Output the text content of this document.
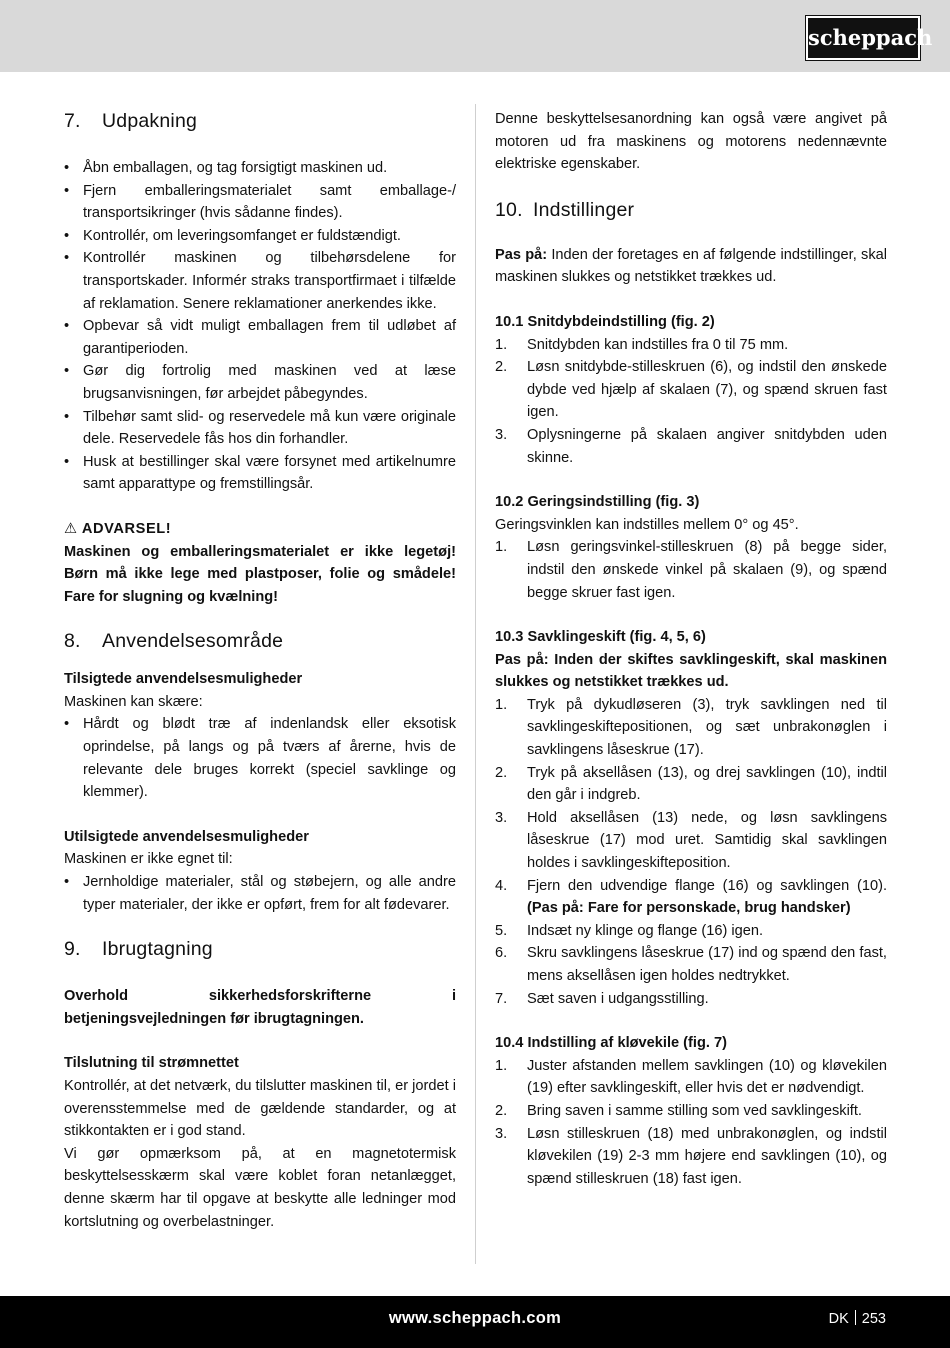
scheppach
7. Udpakning
• Åbn emballagen, og tag forsigtigt maskinen ud.
• Fjern emballeringsmaterialet samt emballage-/ transportsikringer (hvis sådanne findes).
• Kontrollér, om leveringsomfanget er fuldstændigt.
• Kontrollér maskinen og tilbehørsdelene for transportskader. Informér straks transportfirmaet i tilfælde af reklamation. Senere reklamationer anerkendes ikke.
• Opbevar så vidt muligt emballagen frem til udløbet af garantiperioden.
• Gør dig fortrolig med maskinen ved at læse brugsanvisningen, før arbejdet påbegyndes.
• Tilbehør samt slid- og reservedele må kun være originale dele. Reservedele fås hos din forhandler.
• Husk at bestillinger skal være forsynet med artikelnumre samt apparattype og fremstillingsår.

⚠ ADVARSEL!

Maskinen og emballeringsmaterialet er ikke legetøj! Børn må ikke lege med plastposer, folie og smådele! Fare for slugning og kvælning!

8. Anvendelsesområde

Tilsigtede anvendelsesmuligheder

Maskinen kan skære:

• Hårdt og blødt træ af indenlandsk eller eksotisk oprindelse, på langs og på tværs af årerne, hvis de relevante dele bruges korrekt (speciel savklinge og klemmer).

Utilsigtede anvendelsesmuligheder

Maskinen er ikke egnet til:

• Jernholdige materialer, stål og støbejern, og alle andre typer materialer, der ikke er opført, frem for alt fødevarer.
9. Ibrugtagning

Overhold sikkerhedsforskrifterne i betjeningsvejledningen før ibrugtagningen.

Tilslutning til strømnettet

Kontrollér, at det netværk, du tilslutter maskinen til, er jordet i overensstemmelse med de gældende standarder, og at stikkontakten er i god stand.

Vi gør opmærksom på, at en magnetotermisk beskyttelsesskærm skal være koblet foran netanlægget, denne skærm har til opgave at beskytte alle ledninger mod kortslutning og overbelastninger.

Denne beskyttelsesanordning kan også være angivet på motoren ud fra maskinens og motorens nedennævnte elektriske egenskaber.

10. Indstillinger

Pas på: Inden der foretages en af følgende indstillinger, skal maskinen slukkes og netstikket trækkes ud.

10.1 Snitdybdeindstilling (fig. 2)

1. Snitdybden kan indstilles fra 0 til 75 mm.
2. Løsn snitdybde-stilleskruen (6), og indstil den ønskede dybde ved hjælp af skalaen (7), og spænd skruen fast igen.
3. Oplysningerne på skalaen angiver snitdybden uden skinne.

10.2 Geringsindstilling (fig. 3)

Geringsvinklen kan indstilles mellem 0° og 45°.

1. Løsn geringsvinkel-stilleskruen (8) på begge sider, indstil den ønskede vinkel på skalaen (9), og spænd begge skruer fast igen.

10.3 Savklingeskift (fig. 4, 5, 6)

Pas på: Inden der skiftes savklingeskift, skal maskinen slukkes og netstikket trækkes ud.

1. Tryk på dykudløseren (3), tryk savklingen ned til savklingeskiftepositionen, og sæt unbrakonøglen i savklingens låseskrue (17).
2. Tryk på aksellåsen (13), og drej savklingen (10), indtil den går i indgreb.
3. Hold aksellåsen (13) nede, og løsn savklingens låseskrue (17) mod uret. Samtidig skal savklingen holdes i savklingeskifteposition.
4. Fjern den udvendige flange (16) og savklingen (10). (Pas på: Fare for personskade, brug handsker)
5. Indsæt ny klinge og flange (16) igen.
6. Skru savklingens låseskrue (17) ind og spænd den fast, mens aksellåsen igen holdes nedtrykket.
7. Sæt saven i udgangsstilling.

10.4 Indstilling af kløvekile (fig. 7)

1. Juster afstanden mellem savklingen (10) og kløvekilen (19) efter savklingeskift, eller hvis det er nødvendigt.
2. Bring saven i samme stilling som ved savklingeskift.
3. Løsn stilleskruen (18) med unbrakonøglen, og indstil kløvekilen (19) 2-3 mm højere end savklingen (10), og spænd stilleskruen (18) fast igen.
www.scheppach.com	DK 253
